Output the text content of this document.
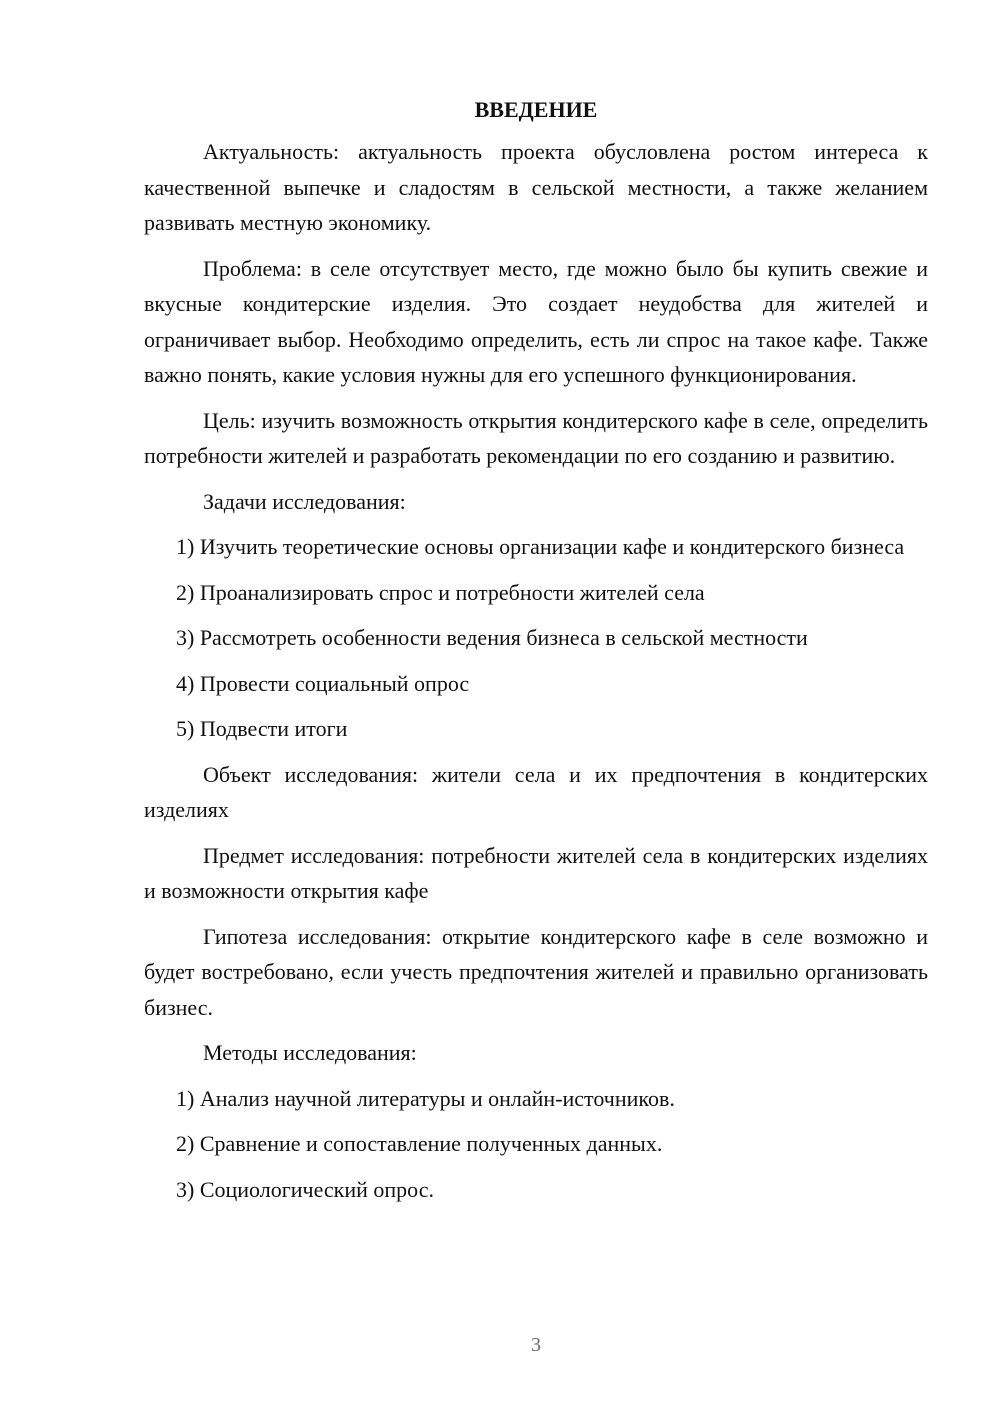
ВВЕДЕНИЕ

Актуальность: актуальность проекта обусловлена ростом интереса к качественной выпечке и сладостям в сельской местности, а также желанием развивать местную экономику.

Проблема: в селе отсутствует место, где можно было бы купить свежие и вкусные кондитерские изделия. Это создает неудобства для жителей и ограничивает выбор. Необходимо определить, есть ли спрос на такое кафе. Также важно понять, какие условия нужны для его успешного функционирования.

Цель: изучить возможность открытия кондитерского кафе в селе, определить потребности жителей и разработать рекомендации по его созданию и развитию.

Задачи исследования:

1) Изучить теоретические основы организации кафе и кондитерского бизнеса

2) Проанализировать спрос и потребности жителей села

3) Рассмотреть особенности ведения бизнеса в сельской местности

4) Провести социальный опрос

5) Подвести итоги

Объект исследования: жители села и их предпочтения в кондитерских изделиях

Предмет исследования: потребности жителей села в кондитерских изделиях и возможности открытия кафе

Гипотеза исследования: открытие кондитерского кафе в селе возможно и будет востребовано, если учесть предпочтения жителей и правильно организовать бизнес.

Методы исследования:

1) Анализ научной литературы и онлайн-источников.

2) Сравнение и сопоставление полученных данных.

3) Социологический опрос.

3
